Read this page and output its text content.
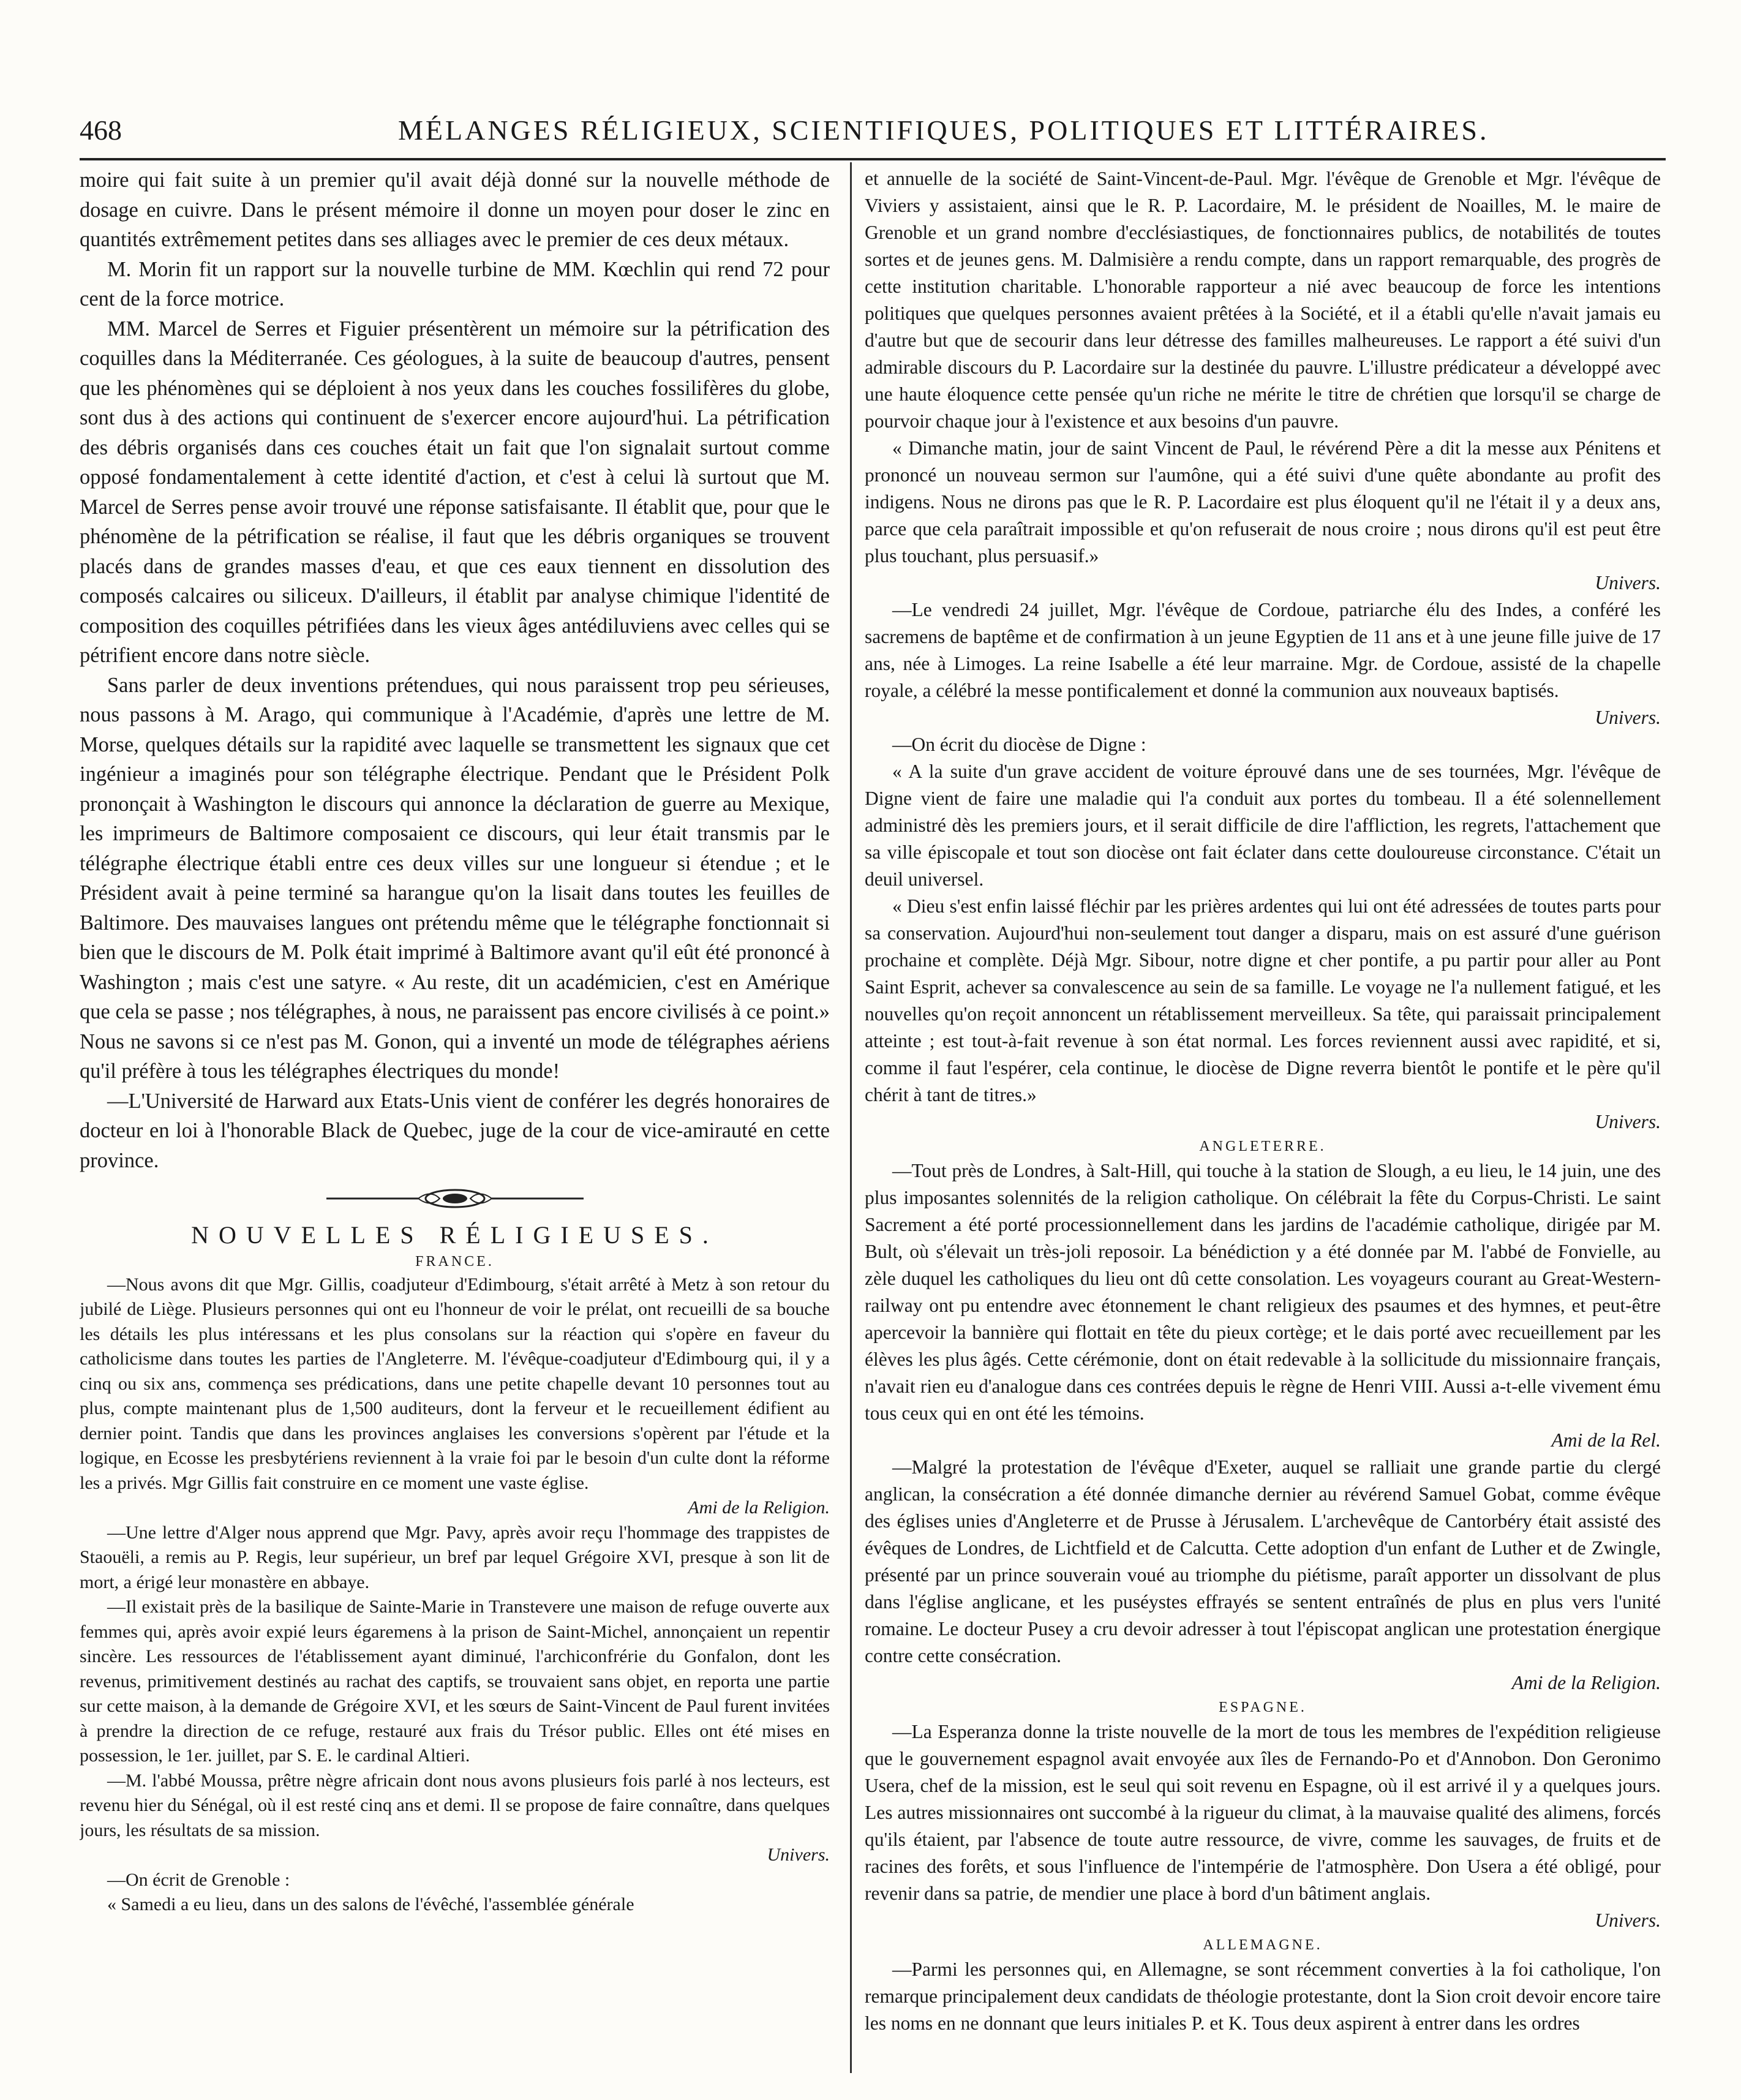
468	MÉLANGES RÉLIGIEUX, SCIENTIFIQUES, POLITIQUES ET LITTÉRAIRES.

moire qui fait suite à un premier qu'il avait déjà donné sur la nouvelle méthode de dosage en cuivre. Dans le présent mémoire il donne un moyen pour doser le zinc en quantités extrêmement petites dans ses alliages avec le premier de ces deux métaux.

M. Morin fit un rapport sur la nouvelle turbine de MM. Kœchlin qui rend 72 pour cent de la force motrice.

MM. Marcel de Serres et Figuier présentèrent un mémoire sur la pétrification des coquilles dans la Méditerranée. Ces géologues, à la suite de beaucoup d'autres, pensent que les phénomènes qui se déploient à nos yeux dans les couches fossilifères du globe, sont dus à des actions qui continuent de s'exercer encore aujourd'hui. La pétrification des débris organisés dans ces couches était un fait que l'on signalait surtout comme opposé fondamentalement à cette identité d'action, et c'est à celui là surtout que M. Marcel de Serres pense avoir trouvé une réponse satisfaisante. Il établit que, pour que le phénomène de la pétrification se réalise, il faut que les débris organiques se trouvent placés dans de grandes masses d'eau, et que ces eaux tiennent en dissolution des composés calcaires ou siliceux. D'ailleurs, il établit par analyse chimique l'identité de composition des coquilles pétrifiées dans les vieux âges antédiluviens avec celles qui se pétrifient encore dans notre siècle.

Sans parler de deux inventions prétendues, qui nous paraissent trop peu sérieuses, nous passons à M. Arago, qui communique à l'Académie, d'après une lettre de M. Morse, quelques détails sur la rapidité avec laquelle se transmettent les signaux que cet ingénieur a imaginés pour son télégraphe électrique. Pendant que le Président Polk prononçait à Washington le discours qui annonce la déclaration de guerre au Mexique, les imprimeurs de Baltimore composaient ce discours, qui leur était transmis par le télégraphe électrique établi entre ces deux villes sur une longueur si étendue ; et le Président avait à peine terminé sa harangue qu'on la lisait dans toutes les feuilles de Baltimore. Des mauvaises langues ont prétendu même que le télégraphe fonctionnait si bien que le discours de M. Polk était imprimé à Baltimore avant qu'il eût été prononcé à Washington ; mais c'est une satyre. « Au reste, dit un académicien, c'est en Amérique que cela se passe ; nos télégraphes, à nous, ne paraissent pas encore civilisés à ce point.» Nous ne savons si ce n'est pas M. Gonon, qui a inventé un mode de télégraphes aériens qu'il préfère à tous les télégraphes électriques du monde!

—L'Université de Harward aux Etats-Unis vient de conférer les degrés honoraires de docteur en loi à l'honorable Black de Quebec, juge de la cour de vice-amirauté en cette province.

NOUVELLES RÉLIGIEUSES.

FRANCE.

—Nous avons dit que Mgr. Gillis, coadjuteur d'Edimbourg, s'était arrêté à Metz à son retour du jubilé de Liège. Plusieurs personnes qui ont eu l'honneur de voir le prélat, ont recueilli de sa bouche les détails les plus intéressans et les plus consolans sur la réaction qui s'opère en faveur du catholicisme dans toutes les parties de l'Angleterre. M. l'évêque-coadjuteur d'Edimbourg qui, il y a cinq ou six ans, commença ses prédications, dans une petite chapelle devant 10 personnes tout au plus, compte maintenant plus de 1,500 auditeurs, dont la ferveur et le recueillement édifient au dernier point. Tandis que dans les provinces anglaises les conversions s'opèrent par l'étude et la logique, en Ecosse les presbytériens reviennent à la vraie foi par le besoin d'un culte dont la réforme les a privés. Mgr Gillis fait construire en ce moment une vaste église.

Ami de la Religion.

—Une lettre d'Alger nous apprend que Mgr. Pavy, après avoir reçu l'hommage des trappistes de Staouëli, a remis au P. Regis, leur supérieur, un bref par lequel Grégoire XVI, presque à son lit de mort, a érigé leur monastère en abbaye.

—Il existait près de la basilique de Sainte-Marie in Transtevere une maison de refuge ouverte aux femmes qui, après avoir expié leurs égaremens à la prison de Saint-Michel, annonçaient un repentir sincère. Les ressources de l'établissement ayant diminué, l'archiconfrérie du Gonfalon, dont les revenus, primitivement destinés au rachat des captifs, se trouvaient sans objet, en reporta une partie sur cette maison, à la demande de Grégoire XVI, et les sœurs de Saint-Vincent de Paul furent invitées à prendre la direction de ce refuge, restauré aux frais du Trésor public. Elles ont été mises en possession, le 1er. juillet, par S. E. le cardinal Altieri.

—M. l'abbé Moussa, prêtre nègre africain dont nous avons plusieurs fois parlé à nos lecteurs, est revenu hier du Sénégal, où il est resté cinq ans et demi. Il se propose de faire connaître, dans quelques jours, les résultats de sa mission.

Univers.

—On écrit de Grenoble :

« Samedi a eu lieu, dans un des salons de l'évêché, l'assemblée générale

et annuelle de la société de Saint-Vincent-de-Paul. Mgr. l'évêque de Grenoble et Mgr. l'évêque de Viviers y assistaient, ainsi que le R. P. Lacordaire, M. le président de Noailles, M. le maire de Grenoble et un grand nombre d'ecclésiastiques, de fonctionnaires publics, de notabilités de toutes sortes et de jeunes gens. M. Dalmisière a rendu compte, dans un rapport remarquable, des progrès de cette institution charitable. L'honorable rapporteur a nié avec beaucoup de force les intentions politiques que quelques personnes avaient prêtées à la Société, et il a établi qu'elle n'avait jamais eu d'autre but que de secourir dans leur détresse des familles malheureuses. Le rapport a été suivi d'un admirable discours du P. Lacordaire sur la destinée du pauvre. L'illustre prédicateur a développé avec une haute éloquence cette pensée qu'un riche ne mérite le titre de chrétien que lorsqu'il se charge de pourvoir chaque jour à l'existence et aux besoins d'un pauvre.

« Dimanche matin, jour de saint Vincent de Paul, le révérend Père a dit la messe aux Pénitens et prononcé un nouveau sermon sur l'aumône, qui a été suivi d'une quête abondante au profit des indigens. Nous ne dirons pas que le R. P. Lacordaire est plus éloquent qu'il ne l'était il y a deux ans, parce que cela paraîtrait impossible et qu'on refuserait de nous croire ; nous dirons qu'il est peut être plus touchant, plus persuasif.»

Univers.

—Le vendredi 24 juillet, Mgr. l'évêque de Cordoue, patriarche élu des Indes, a conféré les sacremens de baptême et de confirmation à un jeune Egyptien de 11 ans et à une jeune fille juive de 17 ans, née à Limoges. La reine Isabelle a été leur marraine. Mgr. de Cordoue, assisté de la chapelle royale, a célébré la messe pontificalement et donné la communion aux nouveaux baptisés.

Univers.

—On écrit du diocèse de Digne :

« A la suite d'un grave accident de voiture éprouvé dans une de ses tournées, Mgr. l'évêque de Digne vient de faire une maladie qui l'a conduit aux portes du tombeau. Il a été solennellement administré dès les premiers jours, et il serait difficile de dire l'affliction, les regrets, l'attachement que sa ville épiscopale et tout son diocèse ont fait éclater dans cette douloureuse circonstance. C'était un deuil universel.

« Dieu s'est enfin laissé fléchir par les prières ardentes qui lui ont été adressées de toutes parts pour sa conservation. Aujourd'hui non-seulement tout danger a disparu, mais on est assuré d'une guérison prochaine et complète. Déjà Mgr. Sibour, notre digne et cher pontife, a pu partir pour aller au Pont Saint Esprit, achever sa convalescence au sein de sa famille. Le voyage ne l'a nullement fatigué, et les nouvelles qu'on reçoit annoncent un rétablissement merveilleux. Sa tête, qui paraissait principalement atteinte ; est tout-à-fait revenue à son état normal. Les forces reviennent aussi avec rapidité, et si, comme il faut l'espérer, cela continue, le diocèse de Digne reverra bientôt le pontife et le père qu'il chérit à tant de titres.»

Univers.

ANGLETERRE.

—Tout près de Londres, à Salt-Hill, qui touche à la station de Slough, a eu lieu, le 14 juin, une des plus imposantes solennités de la religion catholique. On célébrait la fête du Corpus-Christi. Le saint Sacrement a été porté processionnellement dans les jardins de l'académie catholique, dirigée par M. Bult, où s'élevait un très-joli reposoir. La bénédiction y a été donnée par M. l'abbé de Fonvielle, au zèle duquel les catholiques du lieu ont dû cette consolation. Les voyageurs courant au Great-Western-railway ont pu entendre avec étonnement le chant religieux des psaumes et des hymnes, et peut-être apercevoir la bannière qui flottait en tête du pieux cortège; et le dais porté avec recueillement par les élèves les plus âgés. Cette cérémonie, dont on était redevable à la sollicitude du missionnaire français, n'avait rien eu d'analogue dans ces contrées depuis le règne de Henri VIII. Aussi a-t-elle vivement ému tous ceux qui en ont été les témoins.

Ami de la Rel.

—Malgré la protestation de l'évêque d'Exeter, auquel se ralliait une grande partie du clergé anglican, la consécration a été donnée dimanche dernier au révérend Samuel Gobat, comme évêque des églises unies d'Angleterre et de Prusse à Jérusalem. L'archevêque de Cantorbéry était assisté des évêques de Londres, de Lichtfield et de Calcutta. Cette adoption d'un enfant de Luther et de Zwingle, présenté par un prince souverain voué au triomphe du piétisme, paraît apporter un dissolvant de plus dans l'église anglicane, et les puséystes effrayés se sentent entraînés de plus en plus vers l'unité romaine. Le docteur Pusey a cru devoir adresser à tout l'épiscopat anglican une protestation énergique contre cette consécration.

Ami de la Religion.

ESPAGNE.

—La Esperanza donne la triste nouvelle de la mort de tous les membres de l'expédition religieuse que le gouvernement espagnol avait envoyée aux îles de Fernando-Po et d'Annobon. Don Geronimo Usera, chef de la mission, est le seul qui soit revenu en Espagne, où il est arrivé il y a quelques jours. Les autres missionnaires ont succombé à la rigueur du climat, à la mauvaise qualité des alimens, forcés qu'ils étaient, par l'absence de toute autre ressource, de vivre, comme les sauvages, de fruits et de racines des forêts, et sous l'influence de l'intempérie de l'atmosphère. Don Usera a été obligé, pour revenir dans sa patrie, de mendier une place à bord d'un bâtiment anglais.

Univers.

ALLEMAGNE.

—Parmi les personnes qui, en Allemagne, se sont récemment converties à la foi catholique, l'on remarque principalement deux candidats de théologie protestante, dont la Sion croit devoir encore taire les noms en ne donnant que leurs initiales P. et K. Tous deux aspirent à entrer dans les ordres
